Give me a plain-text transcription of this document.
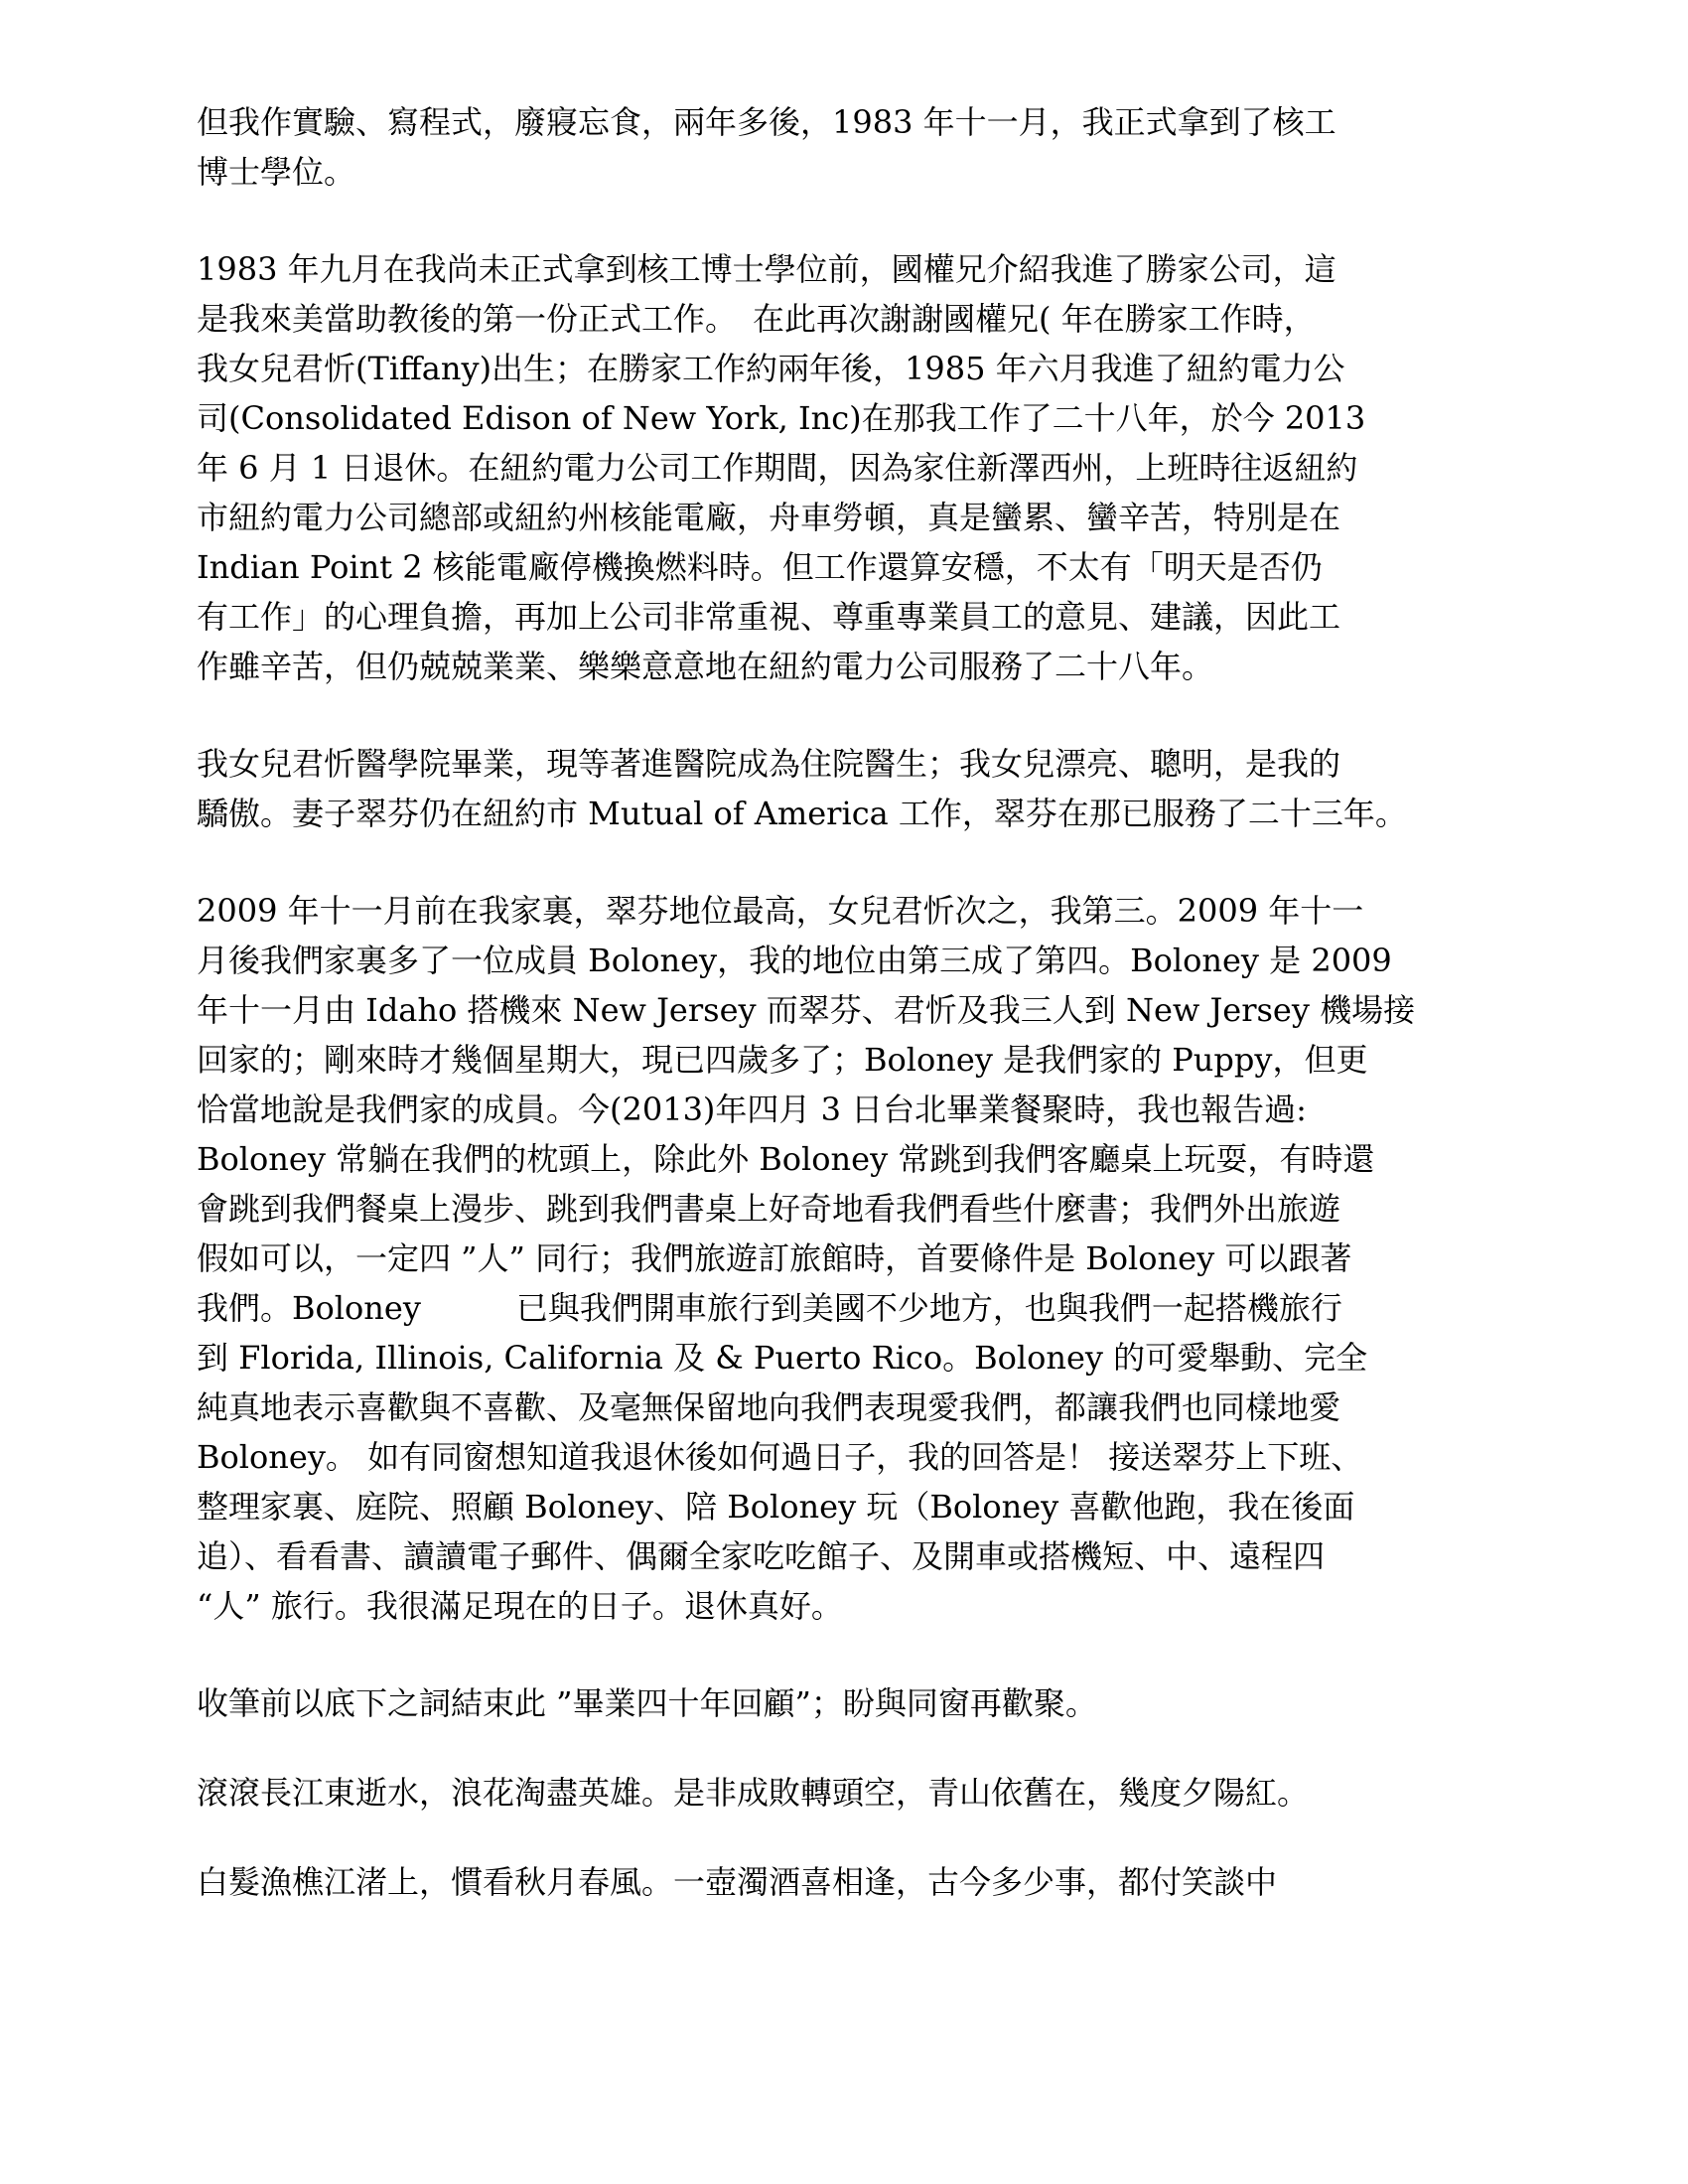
但我作實驗、寫程式，廢寢忘食，兩年多後，1983 年十一月，我正式拿到了核工
博士學位。
1983 年九月在我尚未正式拿到核工博士學位前，國權兄介紹我進了勝家公司，這
是我來美當助教後的第一份正式工作。　在此再次謝謝國權兄( 年在勝家工作時，
我女兒君忻(Tiffany)出生；在勝家工作約兩年後，1985 年六月我進了紐約電力公
司(Consolidated Edison of New York, Inc)在那我工作了二十八年，於今 2013
年 6 月 1 日退休。在紐約電力公司工作期間，因為家住新澤西州，上班時往返紐約
市紐約電力公司總部或紐約州核能電廠，舟車勞頓，真是蠻累、蠻辛苦，特別是在
Indian Point 2 核能電廠停機換燃料時。但工作還算安穩，不太有「明天是否仍
有工作」的心理負擔，再加上公司非常重視、尊重專業員工的意見、建議，因此工
作雖辛苦，但仍兢兢業業、樂樂意意地在紐約電力公司服務了二十八年。
我女兒君忻醫學院畢業，現等著進醫院成為住院醫生；我女兒漂亮、聰明，是我的
驕傲。妻子翠芬仍在紐約市 Mutual of America 工作，翠芬在那已服務了二十三年。
2009 年十一月前在我家裏，翠芬地位最高，女兒君忻次之，我第三。2009 年十一
月後我們家裏多了一位成員 Boloney，我的地位由第三成了第四。Boloney 是 2009
年十一月由 Idaho 搭機來 New Jersey 而翠芬、君忻及我三人到 New Jersey 機場接
回家的；剛來時才幾個星期大，現已四歲多了；Boloney 是我們家的 Puppy，但更
恰當地說是我們家的成員。今(2013)年四月 3 日台北畢業餐聚時，我也報告過:
Boloney 常躺在我們的枕頭上，除此外 Boloney 常跳到我們客廳桌上玩耍，有時還
會跳到我們餐桌上漫步、跳到我們書桌上好奇地看我們看些什麼書；我們外出旅遊
假如可以，一定四 ”人” 同行；我們旅遊訂旅館時，首要條件是 Boloney 可以跟著
我們。Boloney　　　已與我們開車旅行到美國不少地方，也與我們一起搭機旅行
到 Florida, Illinois, California 及 & Puerto Rico。Boloney 的可愛舉動、完全
純真地表示喜歡與不喜歡、及毫無保留地向我們表現愛我們，都讓我們也同樣地愛
Boloney。 如有同窗想知道我退休後如何過日子，我的回答是！ 接送翠芬上下班、
整理家裏、庭院、照顧 Boloney、陪 Boloney 玩（Boloney 喜歡他跑，我在後面
追）、看看書、讀讀電子郵件、偶爾全家吃吃館子、及開車或搭機短、中、遠程四
“人” 旅行。我很滿足現在的日子。退休真好。
收筆前以底下之詞結束此 ”畢業四十年回顧”；盼與同窗再歡聚。
滾滾長江東逝水，浪花淘盡英雄。是非成敗轉頭空，青山依舊在，幾度夕陽紅。
白髮漁樵江渚上，慣看秋月春風。一壺濁酒喜相逢，古今多少事，都付笑談中
